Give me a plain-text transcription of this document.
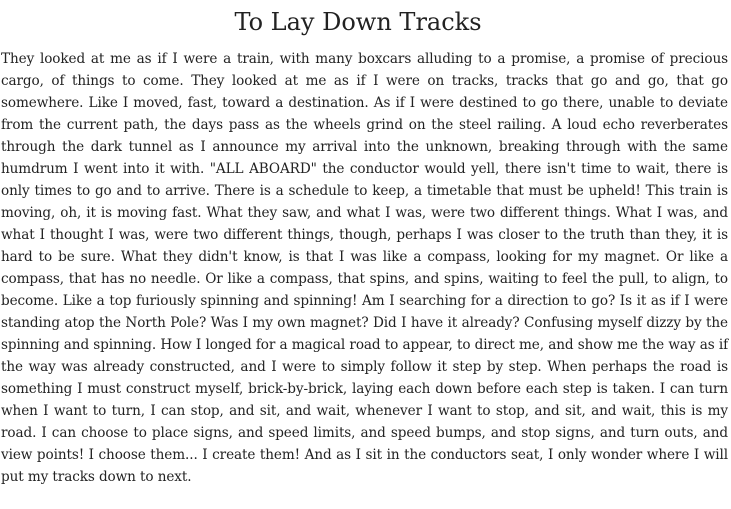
To Lay Down Tracks

They looked at me as if I were a train, with many boxcars alluding to a promise, a promise of precious cargo, of things to come. They looked at me as if I were on tracks, tracks that go and go, that go somewhere. Like I moved, fast, toward a destination. As if I were destined to go there, unable to deviate from the current path, the days pass as the wheels grind on the steel railing. A loud echo reverberates through the dark tunnel as I announce my arrival into the unknown, breaking through with the same humdrum I went into it with. "ALL ABOARD" the conductor would yell, there isn't time to wait, there is only times to go and to arrive. There is a schedule to keep, a timetable that must be upheld! This train is moving, oh, it is moving fast. What they saw, and what I was, were two different things. What I was, and what I thought I was, were two different things, though, perhaps I was closer to the truth than they, it is hard to be sure. What they didn't know, is that I was like a compass, looking for my magnet. Or like a compass, that has no needle. Or like a compass, that spins, and spins, waiting to feel the pull, to align, to become. Like a top furiously spinning and spinning! Am I searching for a direction to go? Is it as if I were standing atop the North Pole? Was I my own magnet? Did I have it already? Confusing myself dizzy by the spinning and spinning. How I longed for a magical road to appear, to direct me, and show me the way as if the way was already constructed, and I were to simply follow it step by step. When perhaps the road is something I must construct myself, brick-by-brick, laying each down before each step is taken. I can turn when I want to turn, I can stop, and sit, and wait, whenever I want to stop, and sit, and wait, this is my road. I can choose to place signs, and speed limits, and speed bumps, and stop signs, and turn outs, and view points! I choose them... I create them! And as I sit in the conductors seat, I only wonder where I will put my tracks down to next.
